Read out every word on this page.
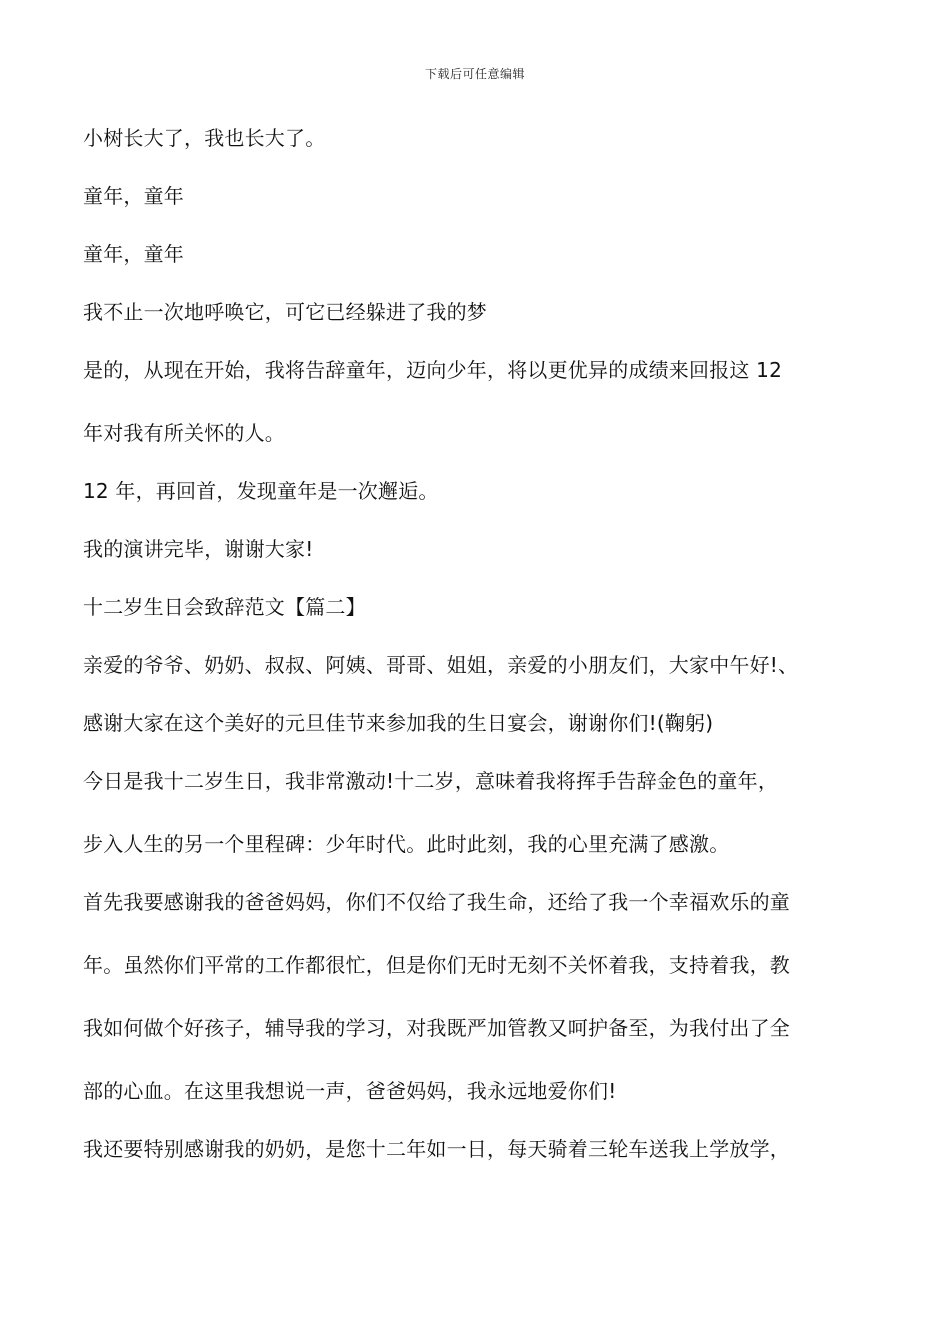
下载后可任意编辑
小树长大了，我也长大了。
童年，童年
童年，童年
我不止一次地呼唤它，可它已经躲进了我的梦
是的，从现在开始，我将告辞童年，迈向少年，将以更优异的成绩来回报这 12
年对我有所关怀的人。
12 年，再回首，发现童年是一次邂逅。
我的演讲完毕，谢谢大家!
十二岁生日会致辞范文【篇二】
亲爱的爷爷、奶奶、叔叔、阿姨、哥哥、姐姐，亲爱的小朋友们，大家中午好!、
感谢大家在这个美好的元旦佳节来参加我的生日宴会，谢谢你们!(鞠躬)
今日是我十二岁生日，我非常激动!十二岁，意味着我将挥手告辞金色的童年，
步入人生的另一个里程碑：少年时代。此时此刻，我的心里充满了感激。
首先我要感谢我的爸爸妈妈，你们不仅给了我生命，还给了我一个幸福欢乐的童
年。虽然你们平常的工作都很忙，但是你们无时无刻不关怀着我，支持着我，教
我如何做个好孩子，辅导我的学习，对我既严加管教又呵护备至，为我付出了全
部的心血。在这里我想说一声，爸爸妈妈，我永远地爱你们!
我还要特别感谢我的奶奶，是您十二年如一日，每天骑着三轮车送我上学放学，
